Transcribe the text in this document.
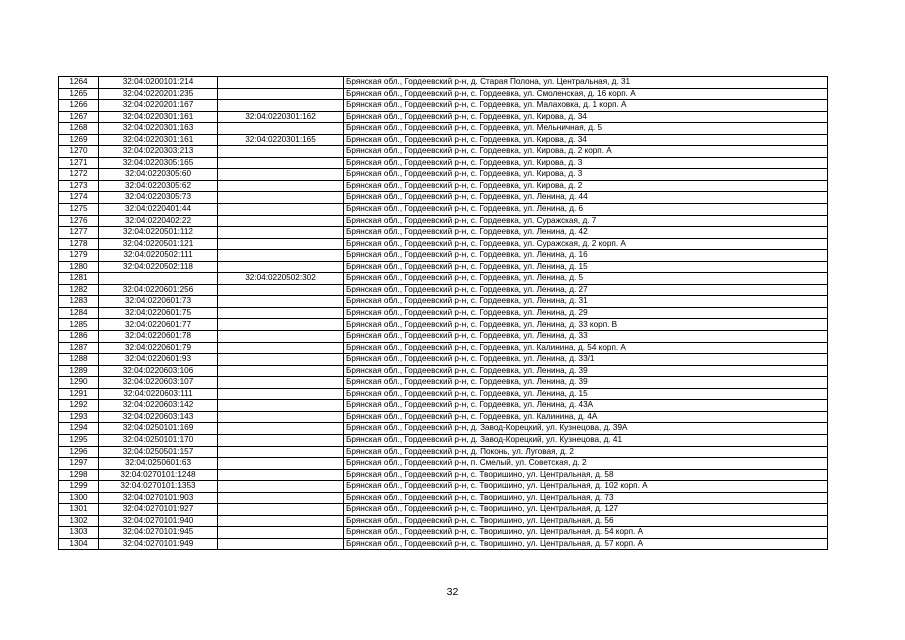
1264	32:04:0200101:214		Брянская обл., Гордеевский р-н, д. Старая Полона, ул. Центральная, д. 31
1265	32:04:0220201:235		Брянская обл., Гордеевский р-н, с. Гордеевка, ул. Смоленская, д. 16 корп. А
1266	32:04:0220201:167		Брянская обл., Гордеевский р-н, с. Гордеевка, ул. Малаховка, д. 1 корп. А
1267	32:04:0220301:161	32:04:0220301:162	Брянская обл., Гордеевский р-н, с. Гордеевка, ул. Кирова, д. 34
1268	32:04:0220301:163		Брянская обл., Гордеевский р-н, с. Гордеевка, ул. Мельничная, д. 5
1269	32:04:0220301:161	32:04:0220301:165	Брянская обл., Гордеевский р-н, с. Гордеевка, ул. Кирова, д. 34
1270	32:04:0220303:213		Брянская обл., Гордеевский р-н, с. Гордеевка, ул. Кирова, д. 2 корп. А
1271	32:04:0220305:165		Брянская обл., Гордеевский р-н, с. Гордеевка, ул. Кирова, д. 3
1272	32:04:0220305:60		Брянская обл., Гордеевский р-н, с. Гордеевка, ул. Кирова, д. 3
1273	32:04:0220305:62		Брянская обл., Гордеевский р-н, с. Гордеевка, ул. Кирова, д. 2
1274	32:04:0220305:73		Брянская обл., Гордеевский р-н, с. Гордеевка, ул. Ленина, д. 44
1275	32:04:0220401:44		Брянская обл., Гордеевский р-н, с. Гордеевка, ул. Ленина, д. 6
1276	32:04:0220402:22		Брянская обл., Гордеевский р-н, с. Гордеевка, ул. Суражская, д. 7
1277	32:04:0220501:112		Брянская обл., Гордеевский р-н, с. Гордеевка, ул. Ленина, д. 42
1278	32:04:0220501:121		Брянская обл., Гордеевский р-н, с. Гордеевка, ул. Суражская, д. 2 корп. А
1279	32:04:0220502:111		Брянская обл., Гордеевский р-н, с. Гордеевка, ул. Ленина, д. 16
1280	32:04:0220502:118		Брянская обл., Гордеевский р-н, с. Гордеевка, ул. Ленина, д. 15
1281		32:04:0220502:302	Брянская обл., Гордеевский р-н, с. Гордеевка, ул. Ленина, д. 5
1282	32:04:0220601:256		Брянская обл., Гордеевский р-н, с. Гордеевка, ул. Ленина, д. 27
1283	32:04:0220601:73		Брянская обл., Гордеевский р-н, с. Гордеевка, ул. Ленина, д. 31
1284	32:04:0220601:75		Брянская обл., Гордеевский р-н, с. Гордеевка, ул. Ленина, д. 29
1285	32:04:0220601:77		Брянская обл., Гордеевский р-н, с. Гордеевка, ул. Ленина, д. 33 корп. В
1286	32:04:0220601:78		Брянская обл., Гордеевский р-н, с. Гордеевка, ул. Ленина, д. 33
1287	32:04:0220601:79		Брянская обл., Гордеевский р-н, с. Гордеевка, ул. Калинина, д. 54 корп. А
1288	32:04:0220601:93		Брянская обл., Гордеевский р-н, с. Гордеевка, ул. Ленина, д. 33/1
1289	32:04:0220603:106		Брянская обл., Гордеевский р-н, с. Гордеевка, ул. Ленина, д. 39
1290	32:04:0220603:107		Брянская обл., Гордеевский р-н, с. Гордеевка, ул. Ленина, д. 39
1291	32:04:0220603:111		Брянская обл., Гордеевский р-н, с. Гордеевка, ул. Ленина, д. 15
1292	32:04:0220603:142		Брянская обл., Гордеевский р-н, с. Гордеевка, ул. Ленина, д. 43А
1293	32:04:0220603:143		Брянская обл., Гордеевский р-н, с. Гордеевка, ул. Калинина, д. 4А
1294	32:04:0250101:169		Брянская обл., Гордеевский р-н, д. Завод-Корецкий, ул. Кузнецова, д. 39А
1295	32:04:0250101:170		Брянская обл., Гордеевский р-н, д. Завод-Корецкий, ул. Кузнецова, д. 41
1296	32:04:0250501:157		Брянская обл., Гордеевский р-н, д. Поконь, ул. Луговая, д. 2
1297	32:04:0250601:63		Брянская обл., Гордеевский р-н, п. Смелый, ул. Советская, д. 2
1298	32:04:0270101:1248		Брянская обл., Гордеевский р-н, с. Творишино, ул. Центральная, д. 58
1299	32:04:0270101:1353		Брянская обл., Гордеевский р-н, с. Творишино, ул. Центральная, д. 102 корп. А
1300	32:04:0270101:903		Брянская обл., Гордеевский р-н, с. Творишино, ул. Центральная, д. 73
1301	32:04:0270101:927		Брянская обл., Гордеевский р-н, с. Творишино, ул. Центральная, д. 127
1302	32:04:0270101:940		Брянская обл., Гордеевский р-н, с. Творишино, ул. Центральная, д. 56
1303	32:04:0270101:945		Брянская обл., Гордеевский р-н, с. Творишино, ул. Центральная, д. 54 корп. А
1304	32:04:0270101:949		Брянская обл., Гордеевский р-н, с. Творишино, ул. Центральная, д. 57 корп. А
32
